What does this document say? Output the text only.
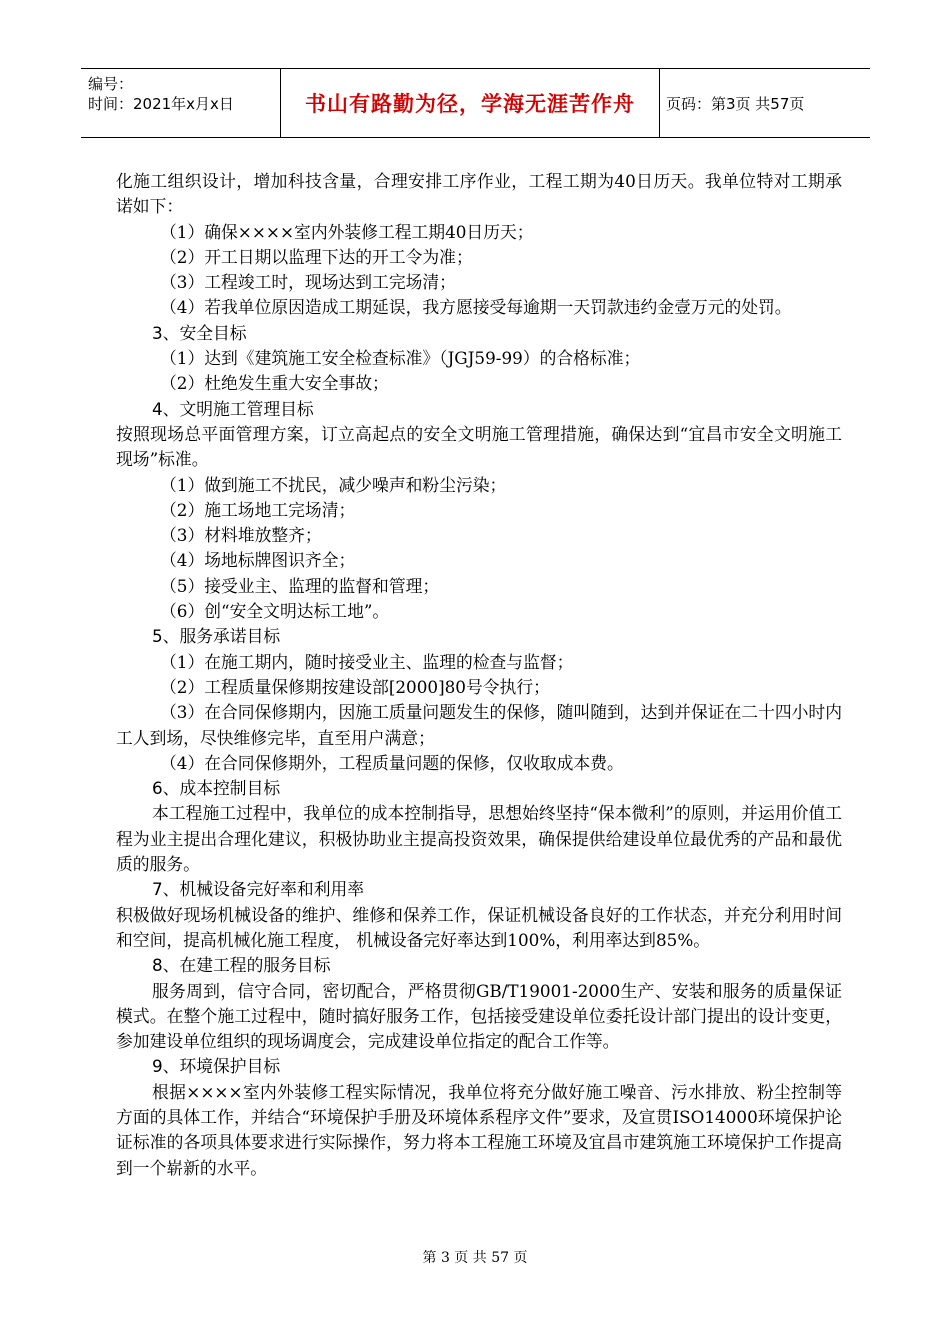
编号：
时间：2021年x月x日	书山有路勤为径，学海无涯苦作舟 页码：第3页 共57页

化施工组织设计，增加科技含量，合理安排工序作业，工程工期为40日历天。我单位特对工期承诺如下：

（1）确保××××室内外装修工程工期40日历天；

（2）开工日期以监理下达的开工令为准；

（3）工程竣工时，现场达到工完场清；

（4）若我单位原因造成工期延误，我方愿接受每逾期一天罚款违约金壹万元的处罚。

3、安全目标

（1）达到《建筑施工安全检查标准》（JGJ59-99）的合格标准；

（2）杜绝发生重大安全事故；

4、文明施工管理目标

按照现场总平面管理方案，订立高起点的安全文明施工管理措施，确保达到“宜昌市安全文明施工现场”标准。

（1）做到施工不扰民，减少噪声和粉尘污染；

（2）施工场地工完场清；

（3）材料堆放整齐；

（4）场地标牌图识齐全；

（5）接受业主、监理的监督和管理；

（6）创“安全文明达标工地”。

5、服务承诺目标

（1）在施工期内，随时接受业主、监理的检查与监督；

（2）工程质量保修期按建设部[2000]80号令执行；

（3）在合同保修期内，因施工质量问题发生的保修，随叫随到，达到并保证在二十四小时内工人到场，尽快维修完毕，直至用户满意；

（4）在合同保修期外，工程质量问题的保修，仅收取成本费。

6、成本控制目标

本工程施工过程中，我单位的成本控制指导，思想始终坚持“保本微利”的原则，并运用价值工程为业主提出合理化建议，积极协助业主提高投资效果，确保提供给建设单位最优秀的产品和最优质的服务。

7、机械设备完好率和利用率

积极做好现场机械设备的维护、维修和保养工作，保证机械设备良好的工作状态，并充分利用时间和空间，提高机械化施工程度， 机械设备完好率达到100%，利用率达到85%。

8、在建工程的服务目标

服务周到，信守合同，密切配合，严格贯彻GB/T19001-2000生产、安装和服务的质量保证模式。在整个施工过程中，随时搞好服务工作，包括接受建设单位委托设计部门提出的设计变更，参加建设单位组织的现场调度会，完成建设单位指定的配合工作等。

9、环境保护目标

根据××××室内外装修工程实际情况，我单位将充分做好施工噪音、污水排放、粉尘控制等方面的具体工作，并结合“环境保护手册及环境体系程序文件”要求，及宣贯ISO14000环境保护论证标准的各项具体要求进行实际操作，努力将本工程施工环境及宜昌市建筑施工环境保护工作提高到一个崭新的水平。

第 3 页 共 57 页
